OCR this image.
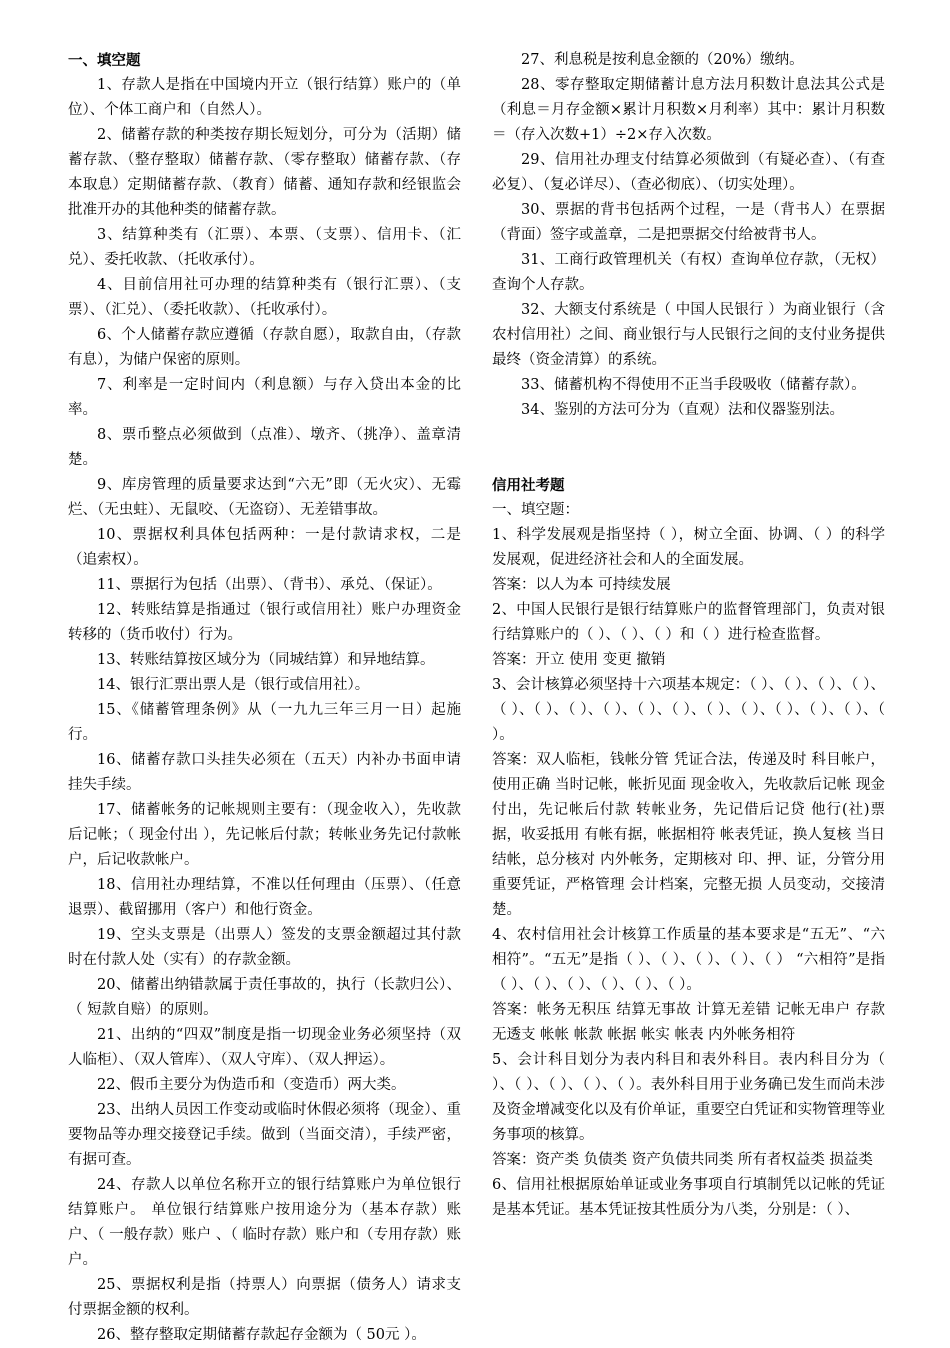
一、填空题

1、存款人是指在中国境内开立（银行结算）账户的（单位）、个体工商户和（自然人）。

2、储蓄存款的种类按存期长短划分，可分为（活期）储蓄存款、（整存整取）储蓄存款、（零存整取）储蓄存款、（存本取息）定期储蓄存款、（教育）储蓄、通知存款和经银监会批准开办的其他种类的储蓄存款。

3、结算种类有（汇票）、本票、（支票）、信用卡、（汇兑）、委托收款、（托收承付）。

4、目前信用社可办理的结算种类有（银行汇票）、（支票）、（汇兑）、（委托收款）、（托收承付）。

6、个人储蓄存款应遵循（存款自愿），取款自由，（存款有息），为储户保密的原则。

7、利率是一定时间内（利息额）与存入贷出本金的比率。

8、票币整点必须做到（点准）、墩齐、（挑净）、盖章清楚。

9、库房管理的质量要求达到“六无”即（无火灾）、无霉烂、（无虫蛀）、无鼠咬、（无盗窃）、无差错事故。

10、票据权利具体包括两种：一是付款请求权，二是（追索权）。

11、票据行为包括（出票）、（背书）、承兑、（保证）。

12、转账结算是指通过（银行或信用社）账户办理资金转移的（货币收付）行为。

13、转账结算按区域分为（同城结算）和异地结算。

14、银行汇票出票人是（银行或信用社）。

15、《储蓄管理条例》从（一九九三年三月一日）起施行。

16、储蓄存款口头挂失必须在（五天）内补办书面申请挂失手续。

17、储蓄帐务的记帐规则主要有：（现金收入），先收款后记帐；（ 现金付出 ），先记帐后付款；转帐业务先记付款帐户，后记收款帐户。

18、信用社办理结算，不准以任何理由（压票）、（任意退票）、截留挪用（客户）和他行资金。

19、空头支票是（出票人）签发的支票金额超过其付款时在付款人处（实有）的存款金额。

20、储蓄出纳错款属于责任事故的，执行（长款归公）、（ 短款自赔）的原则。

21、出纳的“四双”制度是指一切现金业务必须坚持（双人临柜）、（双人管库）、（双人守库）、（双人押运）。

22、假币主要分为伪造币和（变造币）两大类。

23、出纳人员因工作变动或临时休假必须将（现金）、重要物品等办理交接登记手续。做到（当面交清），手续严密，有据可查。

24、存款人以单位名称开立的银行结算账户为单位银行结算账户。 单位银行结算账户按用途分为（基本存款）账户、（ 一般存款）账户 、（ 临时存款）账户和（专用存款）账户。

25、票据权利是指（持票人）向票据（债务人）请求支付票据金额的权利。

26、整存整取定期储蓄存款起存金额为（ 50元 ）。

27、利息税是按利息金额的（20%）缴纳。

28、零存整取定期储蓄计息方法月积数计息法其公式是（利息＝月存金额×累计月积数×月利率）其中：累计月积数＝（存入次数+1）÷2×存入次数。

29、信用社办理支付结算必须做到（有疑必查）、（有查必复）、（复必详尽）、（查必彻底）、（切实处理）。

30、票据的背书包括两个过程，一是（背书人）在票据（背面）签字或盖章，二是把票据交付给被背书人。

31、工商行政管理机关（有权）查询单位存款，（无权）查询个人存款。

32、大额支付系统是（ 中国人民银行 ）为商业银行（含农村信用社）之间、商业银行与人民银行之间的支付业务提供最终（资金清算）的系统。

33、储蓄机构不得使用不正当手段吸收（储蓄存款）。

34、鉴别的方法可分为（直观）法和仪器鉴别法。

信用社考题

一、填空题：

1、科学发展观是指坚持（ ），树立全面、协调、（ ）的科学发展观，促进经济社会和人的全面发展。

答案：以人为本 可持续发展

2、中国人民银行是银行结算账户的监督管理部门，负责对银行结算账户的（ ）、（ ）、（ ）和（ ）进行检查监督。

答案：开立 使用 变更 撤销

3、会计核算必须坚持十六项基本规定：（ ）、（ ）、（ ）、（ ）、（ ）、（ ）、（ ）、（ ）、（ ）、（ ）、（ ）、（ ）、（ ）、（ ）、（ ）、（ ）。

答案：双人临柜，钱帐分管 凭证合法，传递及时 科目帐户，使用正确 当时记帐，帐折见面 现金收入，先收款后记帐 现金付出，先记帐后付款 转帐业务，先记借后记贷 他行(社)票据，收妥抵用 有帐有据，帐据相符 帐表凭证，换人复核 当日结帐，总分核对 内外帐务，定期核对 印、押、证，分管分用 重要凭证，严格管理 会计档案，完整无损 人员变动，交接清楚。

4、农村信用社会计核算工作质量的基本要求是“五无”、“六相符”。“五无”是指（ ）、（ ）、（ ）、（ ）、（ ） “六相符”是指（ ）、（ ）、（ ）、（ ）、（ ）、（ ）。

答案：帐务无积压 结算无事故 计算无差错 记帐无串户 存款无透支 帐帐 帐款 帐据 帐实 帐表 内外帐务相符

5、会计科目划分为表内科目和表外科目。表内科目分为（ ）、（ ）、（ ）、（ ）、（ ）。表外科目用于业务确已发生而尚未涉及资金增减变化以及有价单证，重要空白凭证和实物管理等业务事项的核算。

答案：资产类 负债类 资产负债共同类 所有者权益类 损益类

6、信用社根据原始单证或业务事项自行填制凭以记帐的凭证是基本凭证。基本凭证按其性质分为八类，分别是：（ ）、
